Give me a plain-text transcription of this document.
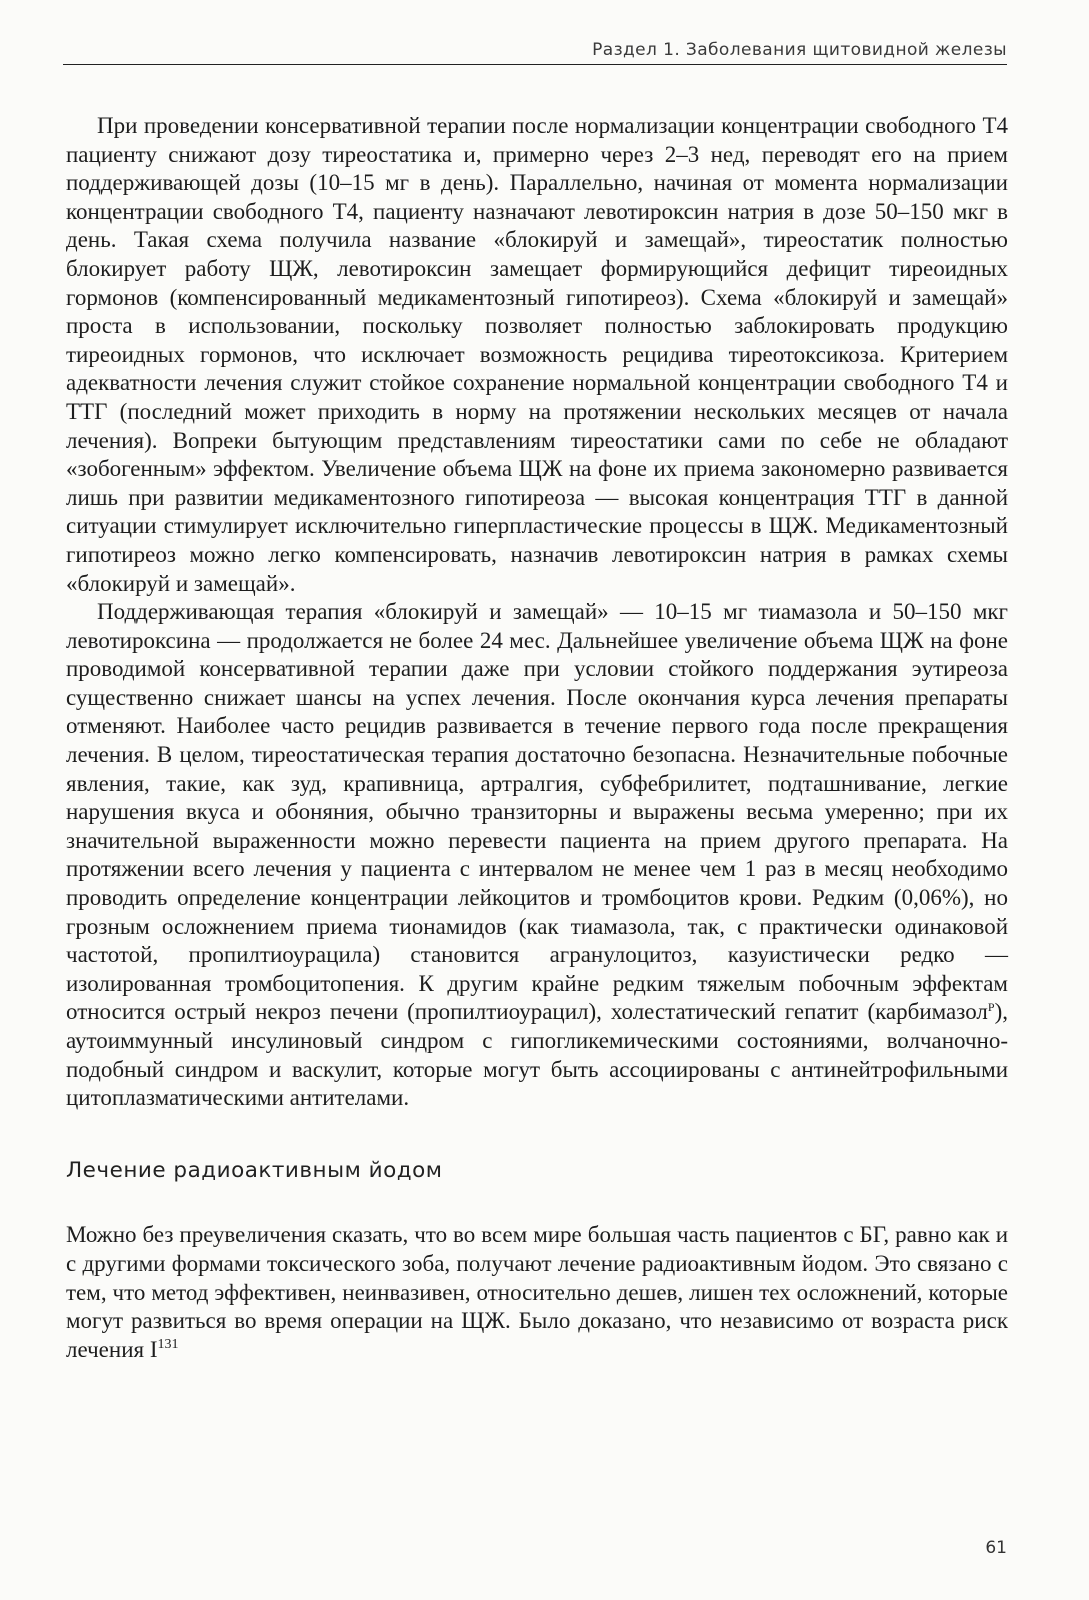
Раздел 1. Заболевания щитовидной железы

При проведении консервативной терапии после нормализации концентрации свободного Т4 пациенту снижают дозу тиреостатика и, примерно через 2–3 нед, переводят его на прием поддерживающей дозы (10–15 мг в день). Параллельно, начиная от момента нормализации концентрации свободного Т4, пациенту назначают левотироксин натрия в дозе 50–150 мкг в день. Такая схема получила название «блокируй и замещай», тиреостатик полностью блокирует работу ЩЖ, левотироксин замещает формирующийся дефицит тиреоидных гормонов (компенсированный медикаментозный гипотиреоз). Схема «блокируй и замещай» проста в использовании, поскольку позволяет полностью заблокировать продукцию тиреоидных гормонов, что исключает возможность рецидива тиреотоксикоза. Критерием адекватности лечения служит стойкое сохранение нормальной концентрации свободного Т4 и ТТГ (последний может приходить в норму на протяжении нескольких месяцев от начала лечения). Вопреки бытующим представлениям тиреостатики сами по себе не обладают «зобогенным» эффектом. Увеличение объема ЩЖ на фоне их приема закономерно развивается лишь при развитии медикаментозного гипотиреоза — высокая концентрация ТТГ в данной ситуации стимулирует исключительно гиперпластические процессы в ЩЖ. Медикаментозный гипотиреоз можно легко компенсировать, назначив левотироксин натрия в рамках схемы «блокируй и замещай».

Поддерживающая терапия «блокируй и замещай» — 10–15 мг тиамазола и 50–150 мкг левотироксина — продолжается не более 24 мес. Дальнейшее увеличение объема ЩЖ на фоне проводимой консервативной терапии даже при условии стойкого поддержания эутиреоза существенно снижает шансы на успех лечения. После окончания курса лечения препараты отменяют. Наиболее часто рецидив развивается в течение первого года после прекращения лечения. В целом, тиреостатическая терапия достаточно безопасна. Незначительные побочные явления, такие, как зуд, крапивница, артралгия, субфебрилитет, подташнивание, легкие нарушения вкуса и обоняния, обычно транзиторны и выражены весьма умеренно; при их значительной выраженности можно перевести пациента на прием другого препарата. На протяжении всего лечения у пациента с интервалом не менее чем 1 раз в месяц необходимо проводить определение концентрации лейкоцитов и тромбоцитов крови. Редким (0,06%), но грозным осложнением приема тионамидов (как тиамазола, так, с практически одинаковой частотой, пропилтиоурацила) становится агранулоцитоз, казуистически редко — изолированная тромбоцитопения. К другим крайне редким тяжелым побочным эффектам относится острый некроз печени (пропилтиоурацил), холестатический гепатит (карбимазол$^Р$), аутоиммунный инсулиновый синдром с гипогликемическими состояниями, волчаночно-подобный синдром и васкулит, которые могут быть ассоциированы с антинейтрофильными цитоплазматическими антителами.

Лечение радиоактивным йодом

Можно без преувеличения сказать, что во всем мире большая часть пациентов с БГ, равно как и с другими формами токсического зоба, получают лечение радиоактивным йодом. Это связано с тем, что метод эффективен, неинвазивен, относительно дешев, лишен тех осложнений, которые могут развиться во время операции на ЩЖ. Было доказано, что независимо от возраста риск лечения $I^{131}$

61
